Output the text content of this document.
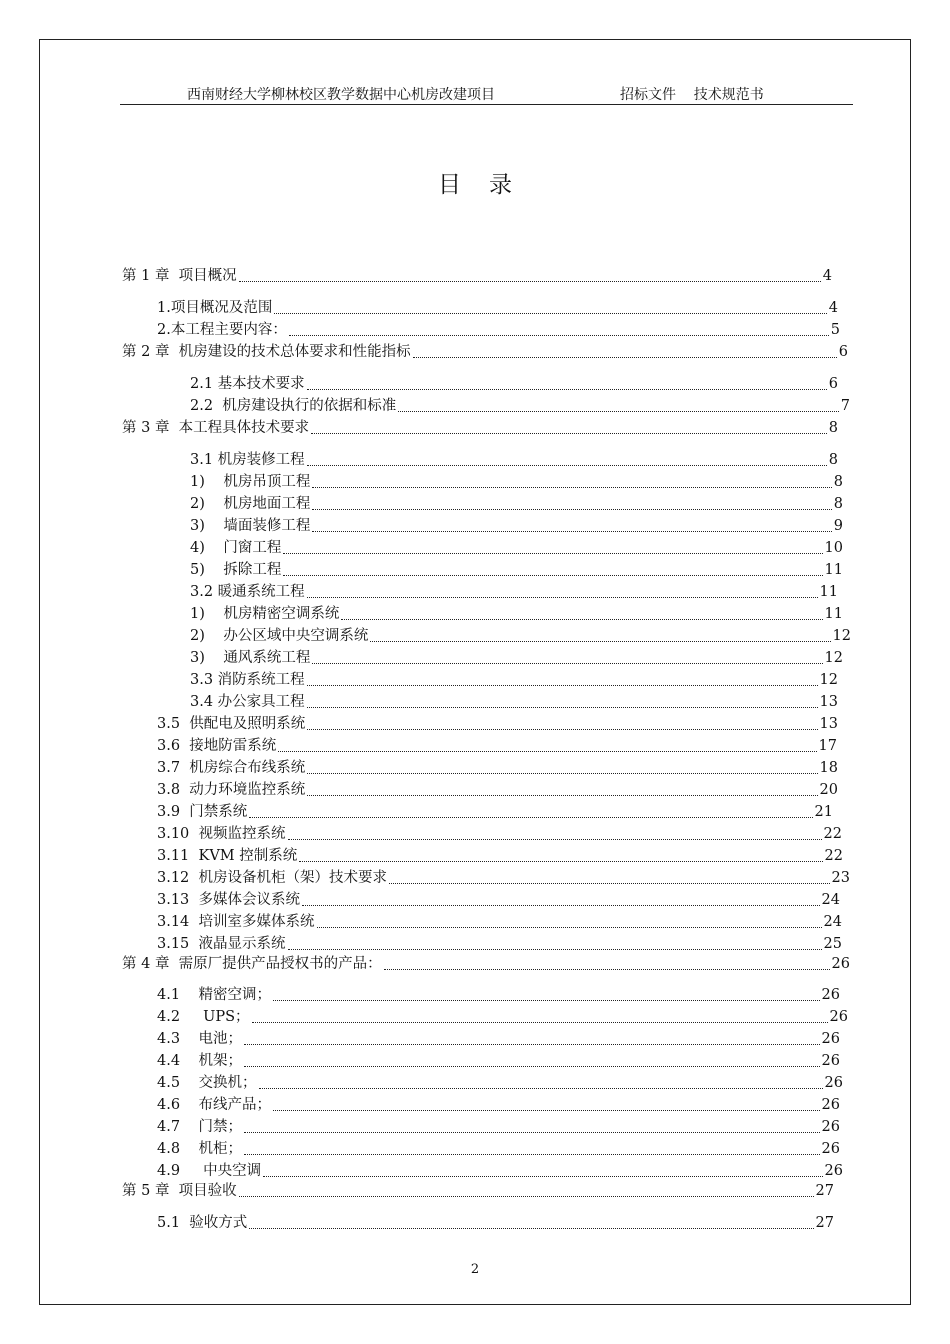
西南财经大学柳林校区教学数据中心机房改建项目	招标文件    技术规范书
目录
第 1 章  项目概况	4
1.项目概况及范围	4
2.本工程主要内容：	5
第 2 章  机房建设的技术总体要求和性能指标	6
2.1 基本技术要求	6
2.2  机房建设执行的依据和标准	7
第 3 章  本工程具体技术要求	8
3.1 机房装修工程	8
1)    机房吊顶工程	8
2)    机房地面工程	8
3)    墙面装修工程	9
4)    门窗工程	10
5)    拆除工程	11
3.2 暖通系统工程	11
1)    机房精密空调系统	11
2)    办公区域中央空调系统	12
3)    通风系统工程	12
3.3 消防系统工程	12
3.4 办公家具工程	13
3.5  供配电及照明系统	13
3.6  接地防雷系统	17
3.7  机房综合布线系统	18
3.8  动力环境监控系统	20
3.9  门禁系统	21
3.10  视频监控系统	22
3.11  KVM 控制系统	22
3.12  机房设备机柜（架）技术要求	23
3.13  多媒体会议系统	24
3.14  培训室多媒体系统	24
3.15  液晶显示系统	25
第 4 章  需原厂提供产品授权书的产品：	26
4.1    精密空调；	26
4.2     UPS；	26
4.3    电池；	26
4.4    机架；	26
4.5    交换机；	26
4.6    布线产品；	26
4.7    门禁；	26
4.8    机柜；	26
4.9     中央空调	26
第 5 章  项目验收	27
5.1  验收方式	27
2
